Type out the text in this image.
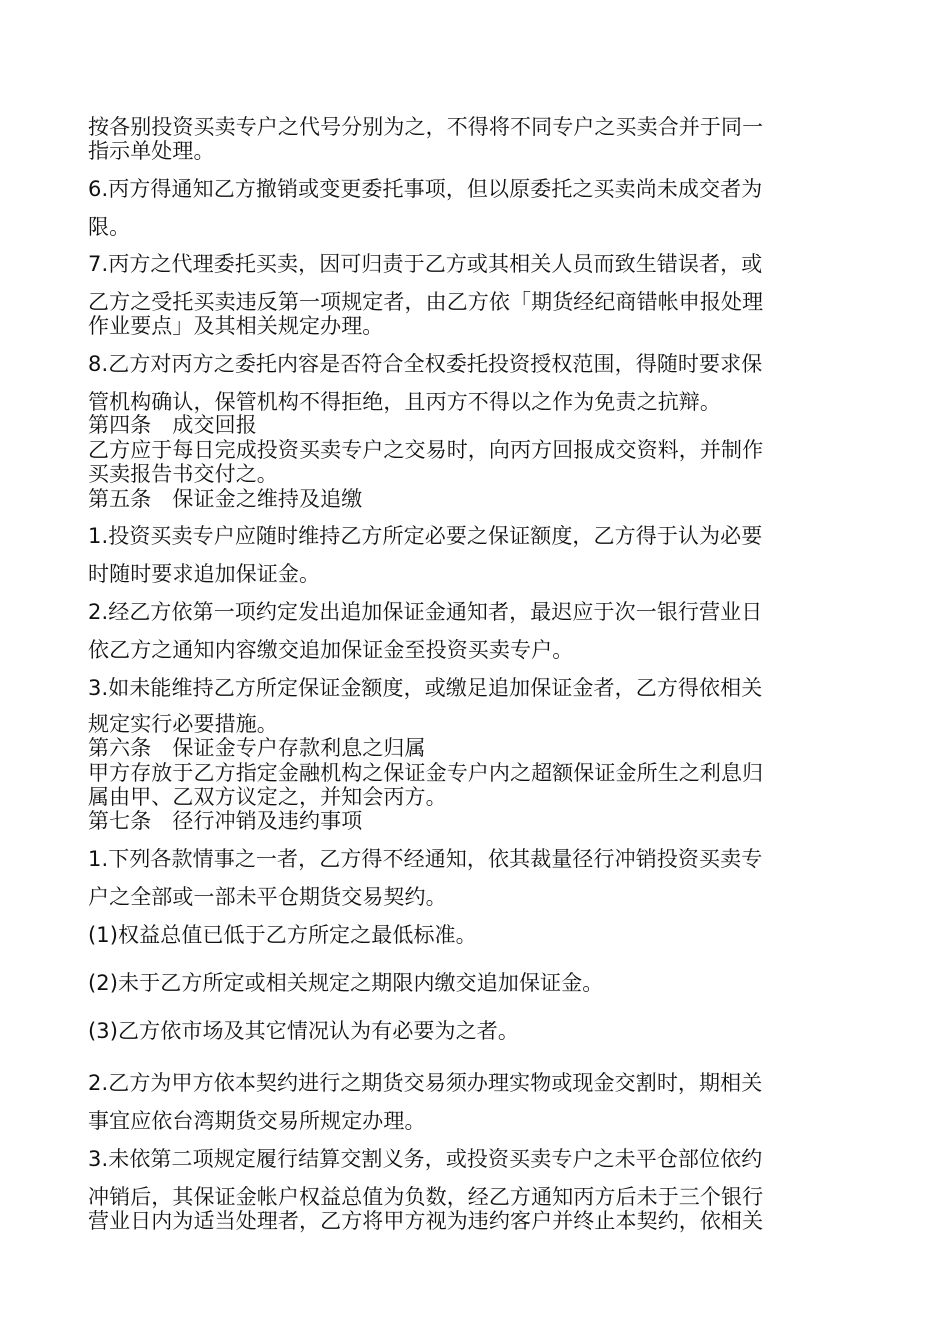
按各别投资买卖专户之代号分别为之，不得将不同专户之买卖合并于同一
指示单处理。
6.丙方得通知乙方撤销或变更委托事项，但以原委托之买卖尚未成交者为
限。
7.丙方之代理委托买卖，因可归责于乙方或其相关人员而致生错误者，或
乙方之受托买卖违反第一项规定者，由乙方依「期货经纪商错帐申报处理
作业要点」及其相关规定办理。
8.乙方对丙方之委托内容是否符合全权委托投资授权范围，得随时要求保
管机构确认，保管机构不得拒绝，且丙方不得以之作为免责之抗辩。
第四条　成交回报
乙方应于每日完成投资买卖专户之交易时，向丙方回报成交资料，并制作
买卖报告书交付之。
第五条　保证金之维持及追缴
1.投资买卖专户应随时维持乙方所定必要之保证额度，乙方得于认为必要
时随时要求追加保证金。
2.经乙方依第一项约定发出追加保证金通知者，最迟应于次一银行营业日
依乙方之通知内容缴交追加保证金至投资买卖专户。
3.如未能维持乙方所定保证金额度，或缴足追加保证金者，乙方得依相关
规定实行必要措施。
第六条　保证金专户存款利息之归属
甲方存放于乙方指定金融机构之保证金专户内之超额保证金所生之利息归
属由甲、乙双方议定之，并知会丙方。
第七条　径行冲销及违约事项
1.下列各款情事之一者，乙方得不经通知，依其裁量径行冲销投资买卖专
户之全部或一部未平仓期货交易契约。
(1)权益总值已低于乙方所定之最低标准。
(2)未于乙方所定或相关规定之期限内缴交追加保证金。
(3)乙方依市场及其它情况认为有必要为之者。
2.乙方为甲方依本契约进行之期货交易须办理实物或现金交割时，期相关
事宜应依台湾期货交易所规定办理。
3.未依第二项规定履行结算交割义务，或投资买卖专户之未平仓部位依约
冲销后，其保证金帐户权益总值为负数，经乙方通知丙方后未于三个银行
营业日内为适当处理者，乙方将甲方视为违约客户并终止本契约，依相关
